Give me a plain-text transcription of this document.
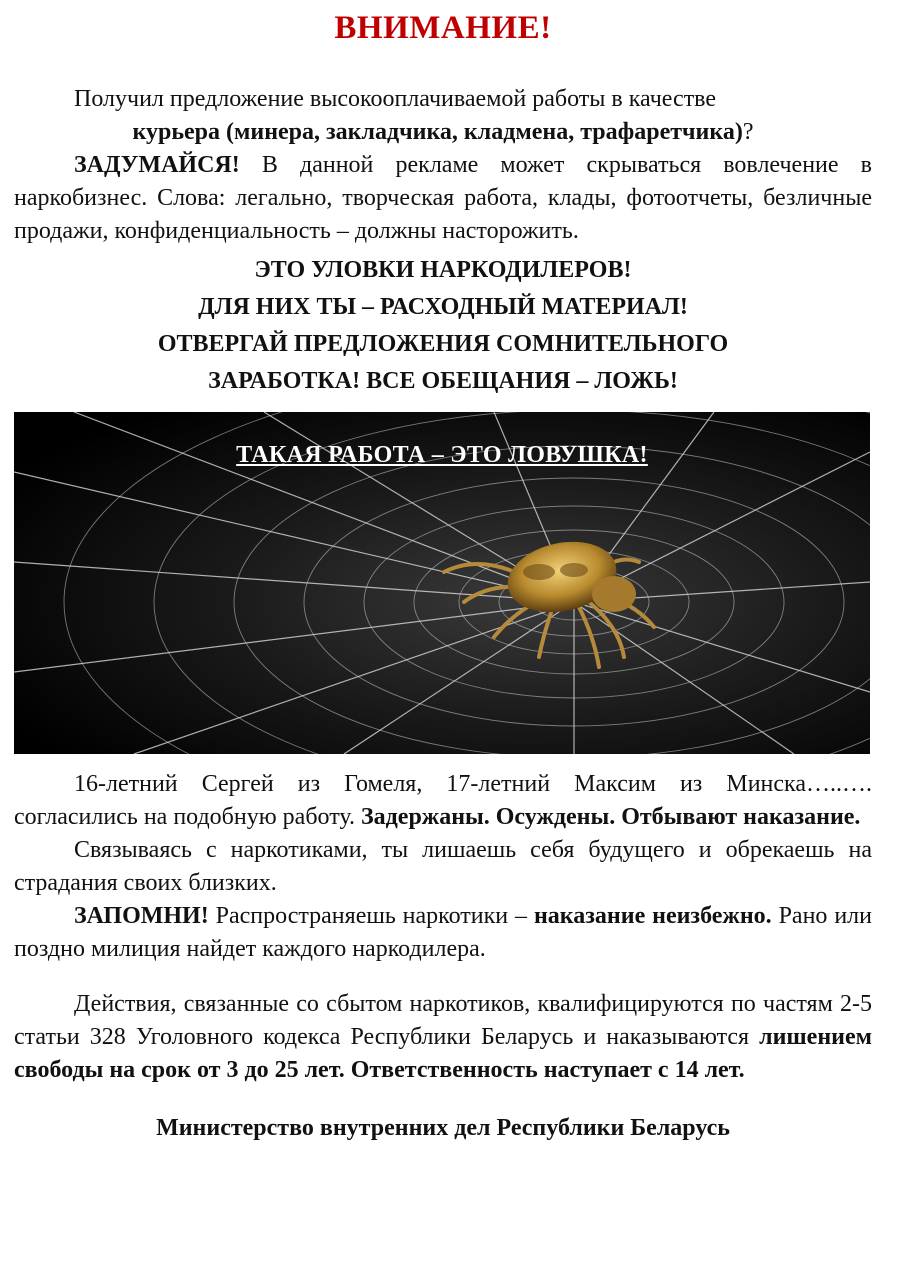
ВНИМАНИЕ!

Получил предложение высокооплачиваемой работы в качестве

курьера (минера, закладчика, кладмена, трафаретчика)?

ЗАДУМАЙСЯ! В данной рекламе может скрываться вовлечение в наркобизнес. Слова: легально, творческая работа, клады, фотоотчеты, безличные продажи, конфиденциальность – должны насторожить.

ЭТО УЛОВКИ НАРКОДИЛЕРОВ!

ДЛЯ НИХ ТЫ – РАСХОДНЫЙ МАТЕРИАЛ!

ОТВЕРГАЙ ПРЕДЛОЖЕНИЯ СОМНИТЕЛЬНОГО

ЗАРАБОТКА! ВСЕ ОБЕЩАНИЯ – ЛОЖЬ!

ТАКАЯ РАБОТА – ЭТО ЛОВУШКА!

16-летний Сергей из Гомеля, 17-летний Максим из Минска…..…. согласились на подобную работу. Задержаны. Осуждены. Отбывают наказание.

Связываясь с наркотиками, ты лишаешь себя будущего и обрекаешь на страдания своих близких.

ЗАПОМНИ! Распространяешь наркотики – наказание неизбежно. Рано или поздно милиция найдет каждого наркодилера.

Действия, связанные со сбытом наркотиков, квалифицируются по частям 2-5 статьи 328 Уголовного кодекса Республики Беларусь и наказываются лишением свободы на срок от 3 до 25 лет. Ответственность наступает с 14 лет.

Министерство внутренних дел Республики Беларусь
